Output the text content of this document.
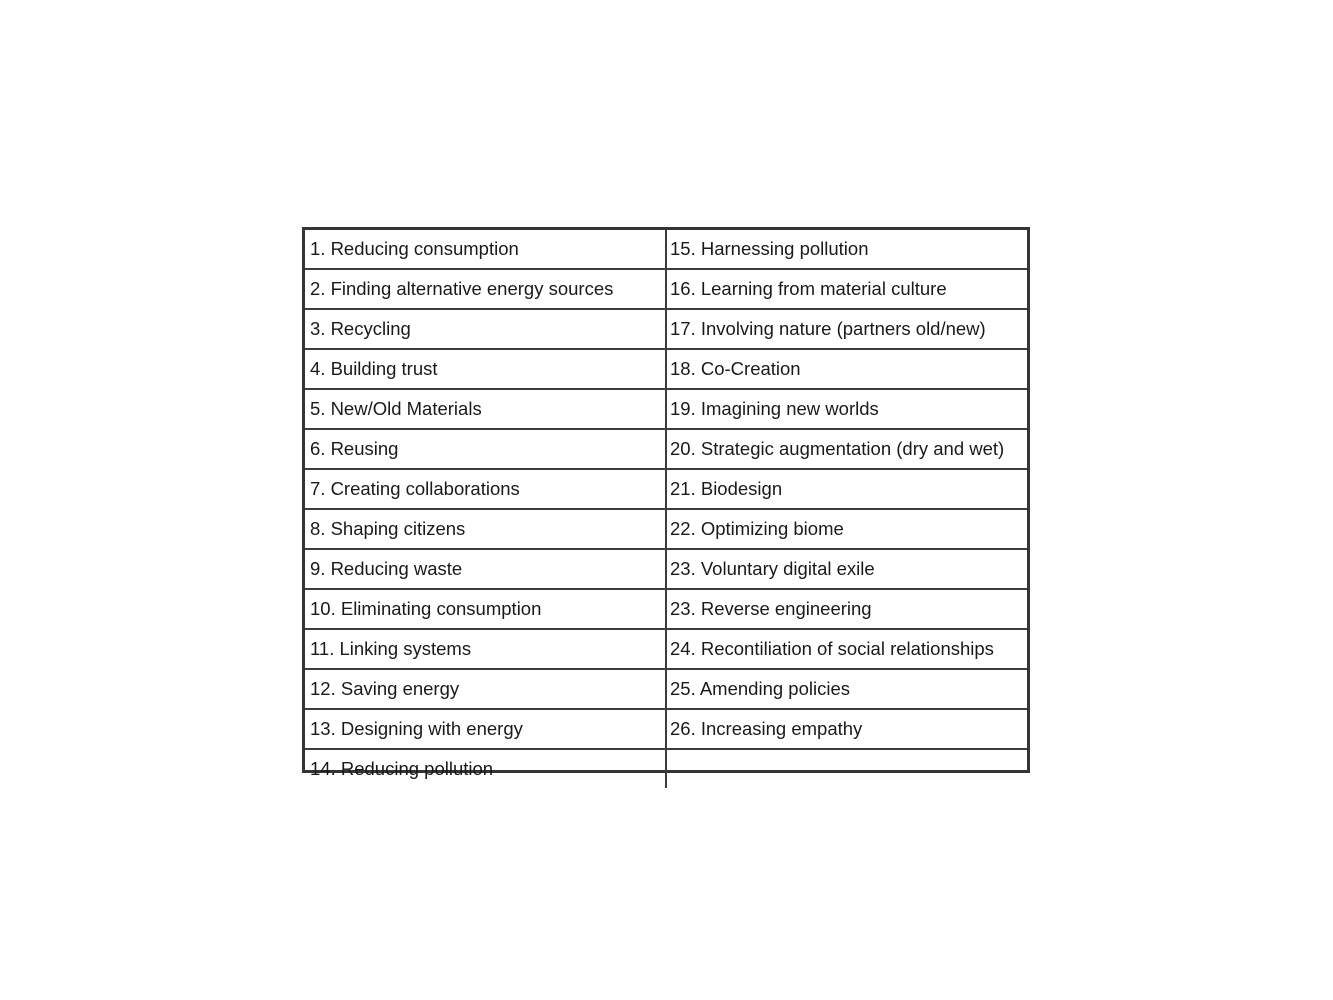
1. Reducing consumption	15. Harnessing pollution
2. Finding alternative energy sources	16. Learning from material culture
3. Recycling	17. Involving nature (partners old/new)
4. Building trust	18. Co-Creation
5. New/Old Materials	19. Imagining new worlds
6. Reusing	20. Strategic augmentation (dry and wet)
7. Creating collaborations	21. Biodesign
8. Shaping citizens	22. Optimizing biome
9. Reducing waste	23. Voluntary digital exile
10. Eliminating consumption	23. Reverse engineering
11. Linking systems	24. Recontiliation of social relationships
12. Saving energy	25. Amending policies
13. Designing with energy	26. Increasing empathy
14. Reducing pollution	
